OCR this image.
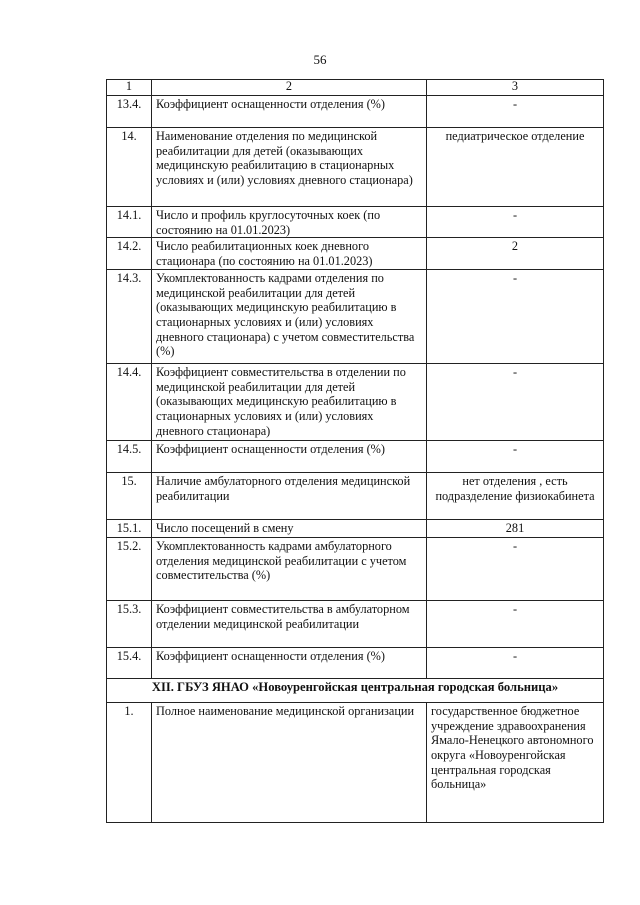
56
1	2	3
13.4.	Коэффициент оснащенности отделения (%)	-
14.	Наименование отделения по медицинской реабилитации для детей (оказывающих медицинскую реабилитацию в стационарных условиях и (или) условиях дневного стационара)	педиатрическое отделение
14.1.	Число и профиль круглосуточных коек (по состоянию на 01.01.2023)	-
14.2.	Число реабилитационных коек дневного стационара (по состоянию на 01.01.2023)	2
14.3.	Укомплектованность кадрами отделения по медицинской реабилитации для детей (оказывающих медицинскую реабилитацию в стационарных условиях и (или) условиях дневного стационара) с учетом совместительства (%)	-
14.4.	Коэффициент совместительства в отделении по медицинской реабилитации для детей (оказывающих медицинскую реабилитацию в стационарных условиях и (или) условиях дневного стационара)	-
14.5.	Коэффициент оснащенности отделения (%)	-
15.	Наличие амбулаторного отделения медицинской реабилитации	нет отделения , есть подразделение физиокабинета
15.1.	Число посещений в смену	281
15.2.	Укомплектованность кадрами амбулаторного отделения медицинской реабилитации с учетом совместительства (%)	-
15.3.	Коэффициент совместительства в амбулаторном отделении медицинской реабилитации	-
15.4.	Коэффициент оснащенности отделения (%)	-
XII. ГБУЗ ЯНАО «Новоуренгойская центральная городская больница»		
1.	Полное наименование медицинской организации	государственное бюджетное учреждение здравоохранения Ямало-Ненецкого автономного округа «Новоуренгойская центральная городская больница»
